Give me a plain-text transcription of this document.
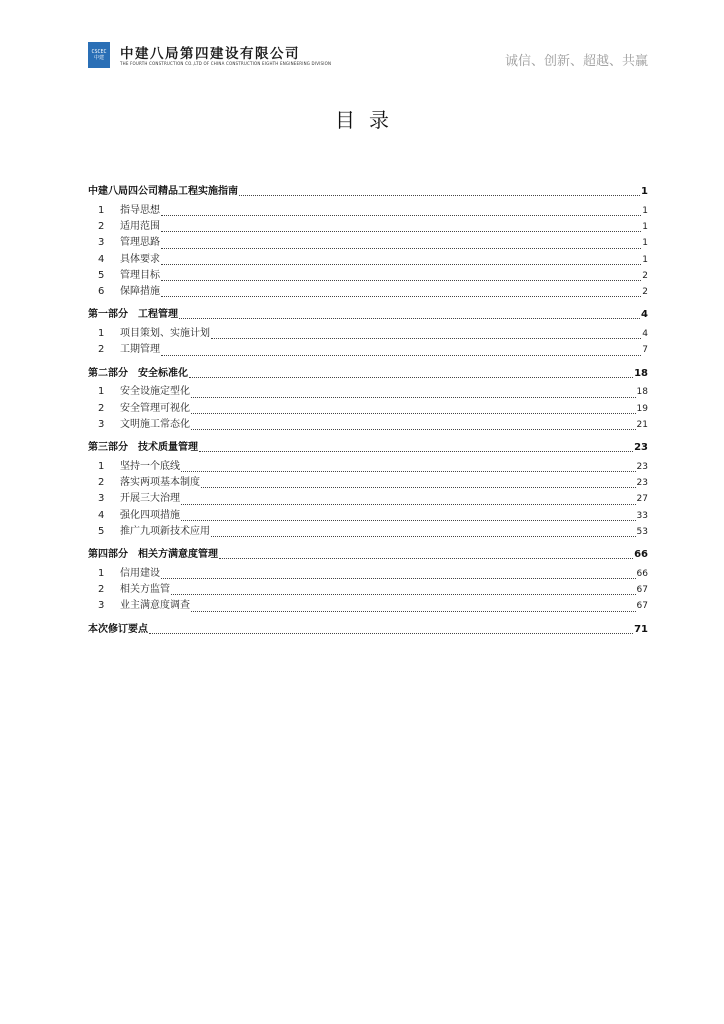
CSCEC
中建 中建八局第四建设有限公司
THE FOURTH CONSTRUCTION CO.,LTD OF CHINA CONSTRUCTION EIGHTH ENGINEERING DIVISION	诚信、创新、超越、共赢
目录
中建八局四公司精品工程实施指南	1
1 指导思想	1
2 适用范围	1
3 管理思路	1
4 具体要求	1
5 管理目标	2
6 保障措施	2
第一部分　工程管理	4
1 项目策划、实施计划	4
2 工期管理	7
第二部分　安全标准化	18
1 安全设施定型化	18
2 安全管理可视化	19
3 文明施工常态化	21
第三部分　技术质量管理	23
1 坚持一个底线	23
2 落实两项基本制度	23
3 开展三大治理	27
4 强化四项措施	33
5 推广九项新技术应用	53
第四部分　相关方满意度管理	66
1 信用建设	66
2 相关方监管	67
3 业主满意度调查	67
本次修订要点	71
